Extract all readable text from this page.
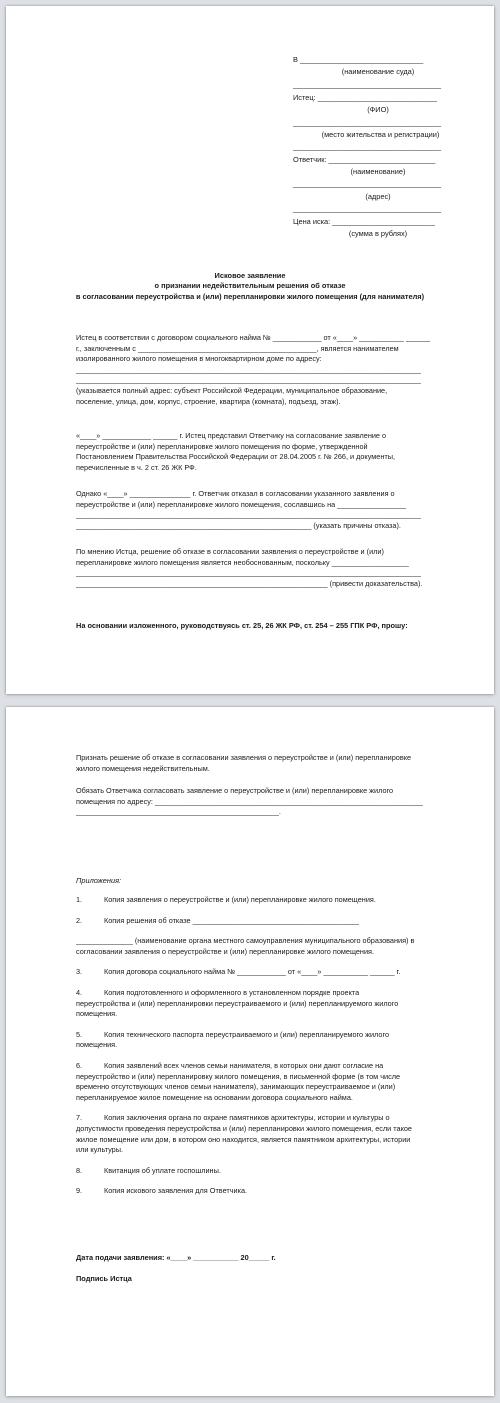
В ______________________________

(наименование суда)

____________________________________

Истец: _____________________________

(ФИО)

____________________________________

(место жительства и регистрации)

____________________________________

Ответчик: __________________________

(наименование)

____________________________________

(адрес)

____________________________________

Цена иска: _________________________

(сумма в рублях)

Исковое заявление

о признании недействительным решения об отказе

в согласовании переустройства и (или) перепланировки жилого помещения (для нанимателя)

Истец в соответствии с договором социального найма № ____________ от «____» ___________ ______
г., заключенным с ____________________________________________, является нанимателем
изолированного жилого помещения в многоквартирном доме по адресу:
_____________________________________________________________________________________
_____________________________________________________________________________________
(указывается полный адрес: субъект Российской Федерации, муниципальное образование,
поселение, улица, дом, корпус, строение, квартира (комната), подъезд, этаж).
«____» ____________ ______ г. Истец представил Ответчику на согласование заявление о
переустройстве и (или) перепланировке жилого помещения по форме, утвержденной
Постановлением Правительства Российской Федерации от 28.04.2005 г. № 266, и документы,
перечисленные в ч. 2 ст. 26 ЖК РФ.
Однако «____» _______________ г. Ответчик отказал в согласовании указанного заявления о
переустройстве и (или) перепланировке жилого помещения, сославшись на _________________
_____________________________________________________________________________________
__________________________________________________________ (указать причины отказа).
По мнению Истца, решение об отказе в согласовании заявления о переустройстве и (или)
перепланировке жилого помещения является необоснованным, поскольку ___________________
_____________________________________________________________________________________
______________________________________________________________ (привести доказательства).

На основании изложенного, руководствуясь ст. 25, 26 ЖК РФ, ст. 254 – 255 ГПК РФ, прошу:

Признать решение об отказе в согласовании заявления о переустройстве и (или) перепланировке
жилого помещения недействительным.
Обязать Ответчика согласовать заявление о переустройстве и (или) перепланировке жилого
помещения по адресу: __________________________________________________________________
__________________________________________________.

Приложения:

1.	Копия заявления о переустройстве и (или) перепланировке жилого помещения.
2.	Копия решения об отказе _________________________________________
______________ (наименование органа местного самоуправления муниципального образования) в
согласовании заявления о переустройстве и (или) перепланировке жилого помещения.
3.	Копия договора социального найма № ____________ от «____» ___________ ______ г.
4.	Копия подготовленного и оформленного в установленном порядке проекта
переустройства и (или) перепланировки переустраиваемого и (или) перепланируемого жилого
помещения.
5.	Копия технического паспорта переустраиваемого и (или) перепланируемого жилого
помещения.
6.	Копия заявлений всех членов семьи нанимателя, в которых они дают согласие на
переустройство и (или) перепланировку жилого помещения, в письменной форме (в том числе
временно отсутствующих членов семьи нанимателя), занимающих переустраиваемое и (или)
перепланируемое жилое помещение на основании договора социального найма.
7.	Копия заключения органа по охране памятников архитектуры, истории и культуры о
допустимости проведения переустройства и (или) перепланировки жилого помещения, если такое
жилое помещение или дом, в котором оно находится, является памятником архитектуры, истории
или культуры.
8.	Квитанция об уплате госпошлины.
9.	Копия искового заявления для Ответчика.

Дата подачи заявления: «____» ___________ 20_____ г.

Подпись Истца
